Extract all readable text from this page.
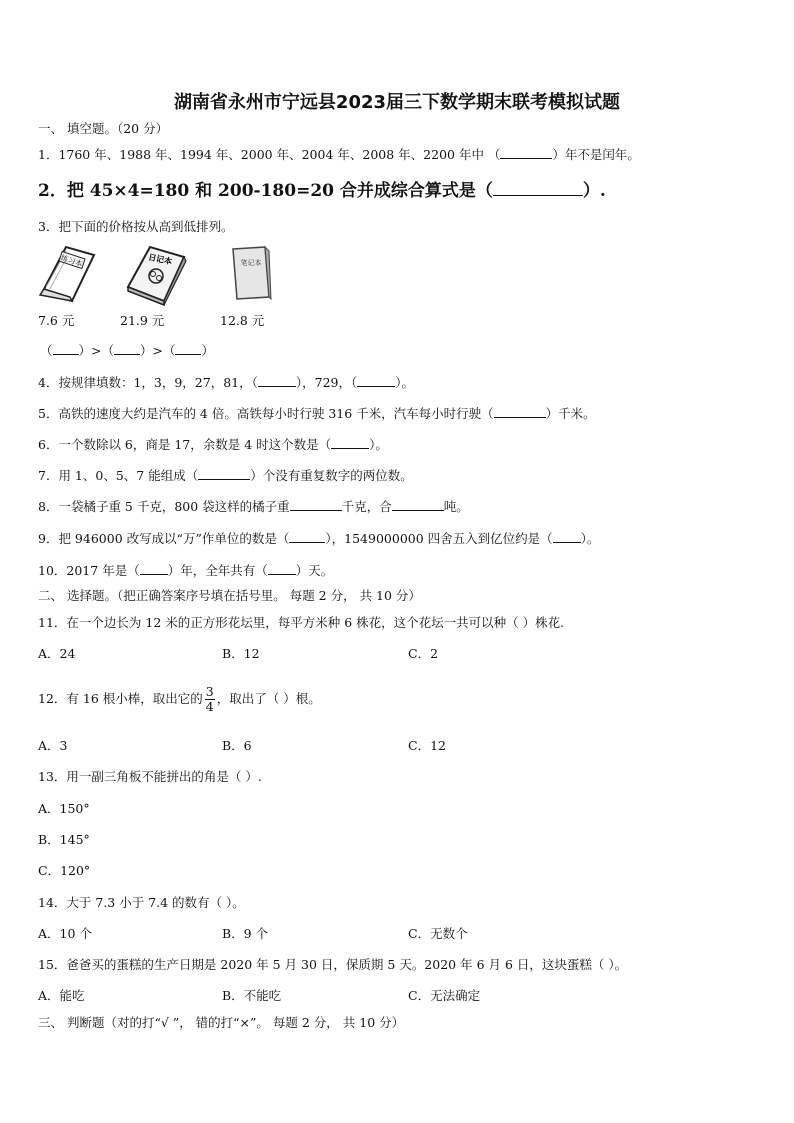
湖南省永州市宁远县2023届三下数学期末联考模拟试题
一、 填空题。（20 分）
1．1760 年、1988 年、1994 年、2000 年、2004 年、2008 年、2200 年中 （	）年不是闰年。
2．把 45×4=180 和 200-180=20 合并成综合算式是（	）.
3．把下面的价格按从高到低排列。
练习本	日记本	笔记本
7.6 元	21.9 元	12.8 元
（ ）>（ ）>（ ）
4．按规律填数：1，3，9，27，81，（	），729，（	）。
5．高铁的速度大约是汽车的 4 倍。高铁每小时行驶 316 千米，汽车每小时行驶（	）千米。
6．一个数除以 6，商是 17，余数是 4 时这个数是（	）。
7．用 1、0、5、7 能组成（	）个没有重复数字的两位数。
8．一袋橘子重 5 千克，800 袋这样的橘子重	千克，合	吨。
9．把 946000 改写成以“万”作单位的数是（	），1549000000 四舍五入到亿位约是（ ）。
10．2017 年是（ ）年，全年共有（ ）天。
二、 选择题。（把正确答案序号填在括号里。 每题 2 分， 共 10 分）
11．在一个边长为 12 米的正方形花坛里，每平方米种 6 株花，这个花坛一共可以种（ ）株花.
A．24	B．12	C．2
12．有 16 根小棒，取出它的 $\frac{3}{4}$ ，取出了（ ）根。
A．3	B．6	C．12
13．用一副三角板不能拼出的角是（ ）.
A．150°
B．145°
C．120°
14．大于 7.3 小于 7.4 的数有（ ）。
A．10 个	B．9 个	C．无数个
15．爸爸买的蛋糕的生产日期是 2020 年 5 月 30 日，保质期 5 天。2020 年 6 月 6 日，这块蛋糕（ ）。
A．能吃	B．不能吃	C．无法确定
三、 判断题（对的打“√ ”， 错的打“×”。 每题 2 分， 共 10 分）
